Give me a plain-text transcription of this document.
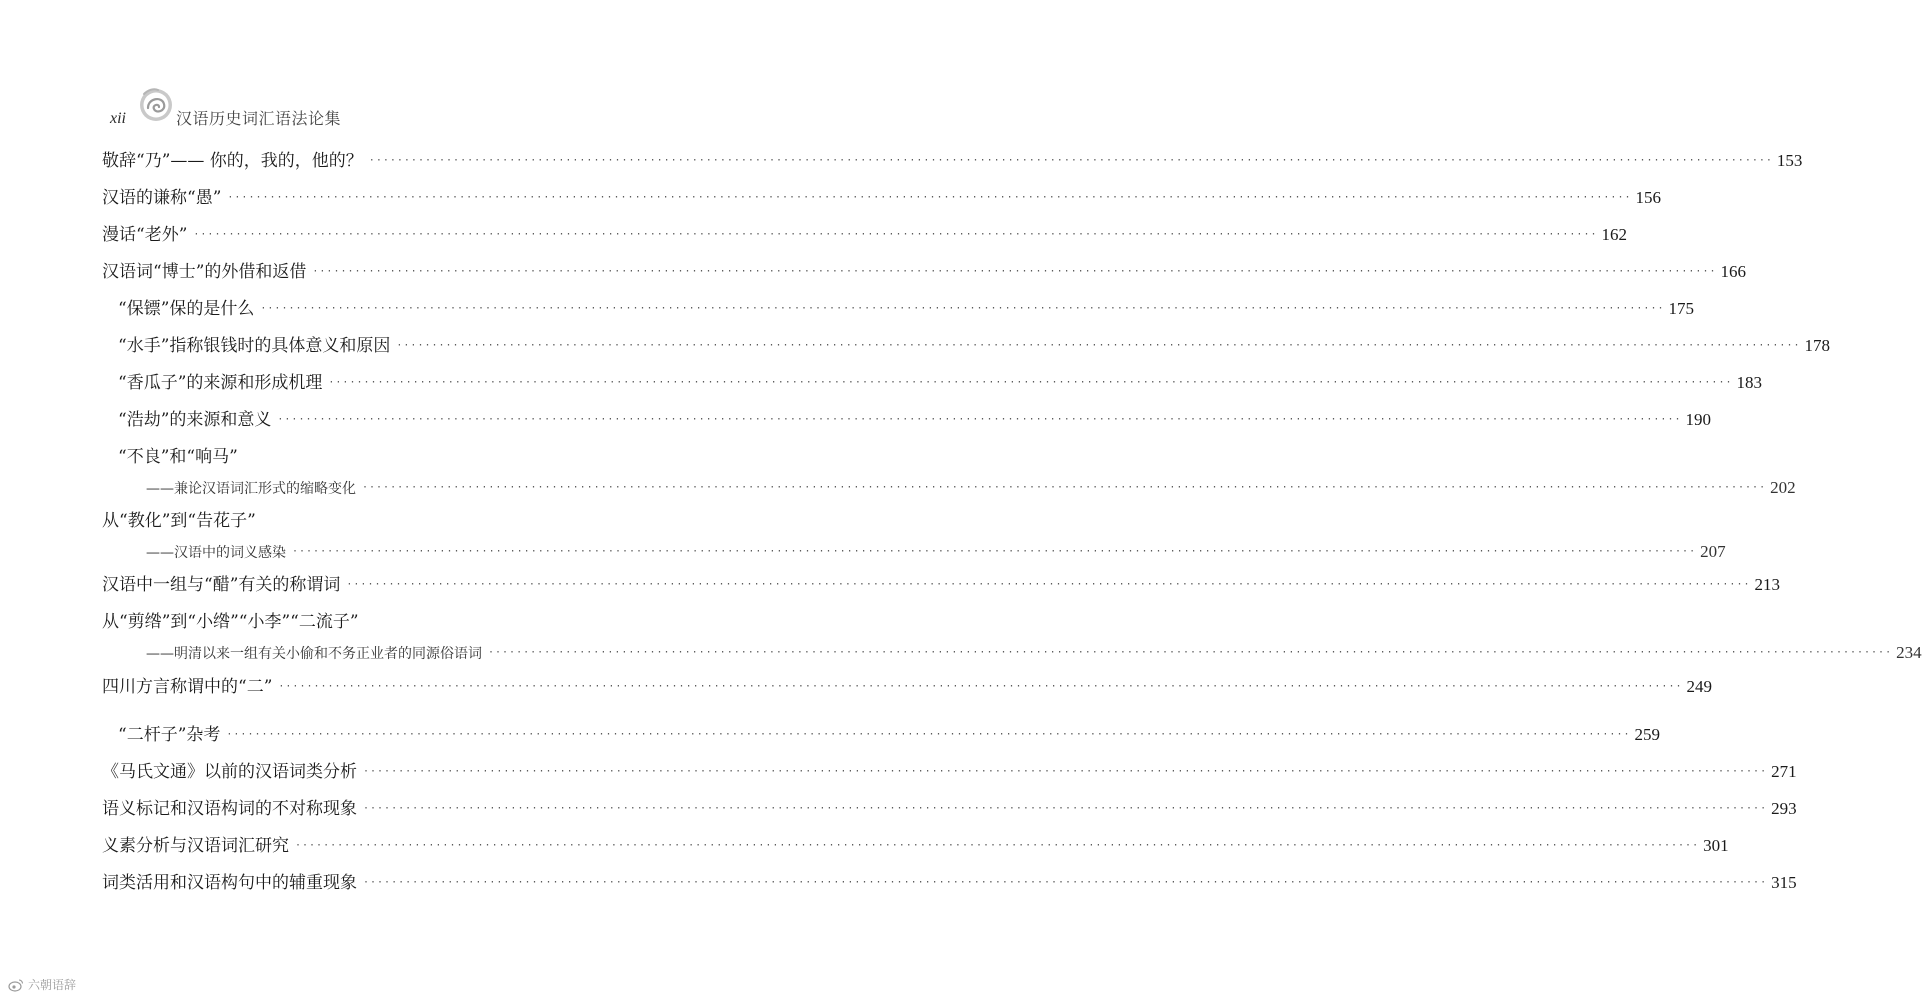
xii	汉语历史词汇语法论集
敬辞“乃”—— 你的，我的，他的？ ········································································································································································································ 153
汉语的谦称“愚” ········································································································································································································ 156
漫话“老外” ········································································································································································································ 162
汉语词“博士”的外借和返借 ········································································································································································································ 166
“保镖”保的是什么 ········································································································································································································ 175
“水手”指称银钱时的具体意义和原因 ········································································································································································································ 178
“香瓜子”的来源和形成机理 ········································································································································································································ 183
“浩劫”的来源和意义 ········································································································································································································ 190
“不良”和“响马”
——兼论汉语词汇形式的缩略变化 ········································································································································································································ 202
从“教化”到“告花子”
——汉语中的词义感染 ········································································································································································································ 207
汉语中一组与“醋”有关的称谓词 ········································································································································································································ 213
从“剪绺”到“小绺”“小李”“二流子”
——明清以来一组有关小偷和不务正业者的同源俗语词 ········································································································································································································ 234
四川方言称谓中的“二” ········································································································································································································ 249
“二杆子”杂考 ········································································································································································································ 259
《马氏文通》以前的汉语词类分析 ········································································································································································································ 271
语义标记和汉语构词的不对称现象 ········································································································································································································ 293
义素分析与汉语词汇研究 ········································································································································································································ 301
词类活用和汉语构句中的辅重现象 ········································································································································································································ 315
六朝语辞
